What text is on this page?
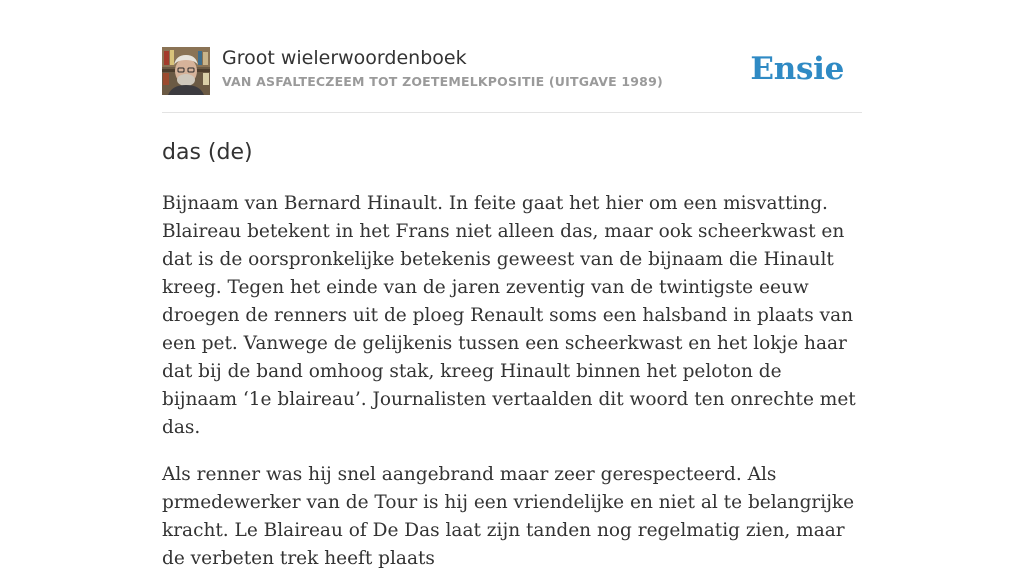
Groot wielerwoordenboek
VAN ASFALTECZEEM TOT ZOETEMELKPOSITIE (UITGAVE 1989)	Ensie
das (de)

Bijnaam van Bernard Hinault. In feite gaat het hier om een misvatting. Blaireau betekent in het Frans niet alleen das, maar ook scheerkwast en dat is de oorspronkelijke betekenis geweest van de bijnaam die Hinault kreeg. Tegen het einde van de jaren zeventig van de twintigste eeuw droegen de renners uit de ploeg Renault soms een halsband in plaats van een pet. Vanwege de gelijkenis tussen een scheerkwast en het lokje haar dat bij de band omhoog stak, kreeg Hinault binnen het peloton de bijnaam ‘1e blaireau’. Journalisten vertaalden dit woord ten onrechte met das.

Als renner was hij snel aangebrand maar zeer gerespecteerd. Als prmedewerker van de Tour is hij een vriendelijke en niet al te belangrijke kracht. Le Blaireau of De Das laat zijn tanden nog regelmatig zien, maar de verbeten trek heeft plaats
